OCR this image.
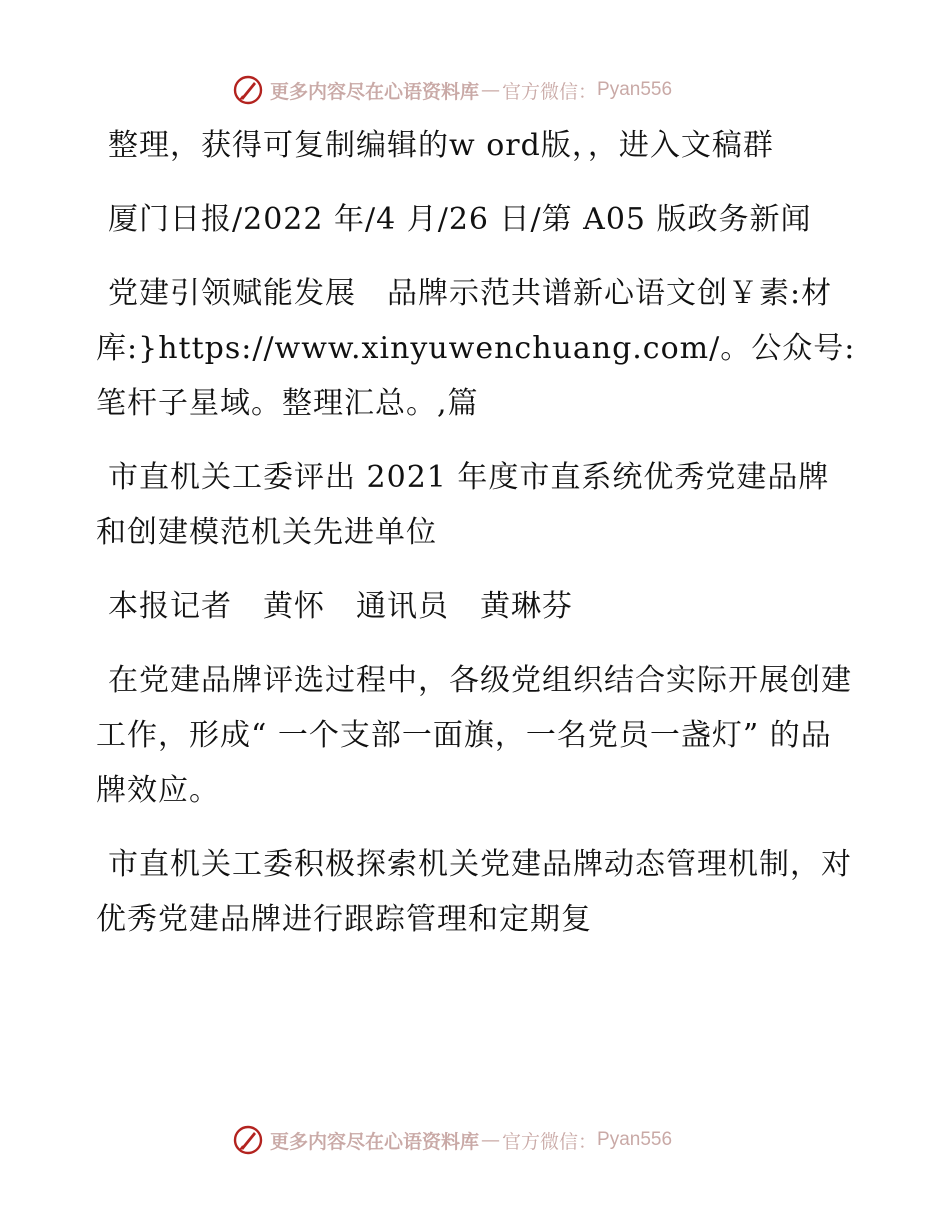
更多内容尽在心语资料库 — 官方微信： Pyan556

整理，获得可复制编辑的w ord版，，进入文稿群

厦门日报/2022 年/4 月/26 日/第 A05 版政务新闻

党建引领赋能发展　品牌示范共谱新心语文创￥素:材库:}https://www.xinyuwenchuang.com/。公众号:笔杆子星域。整理汇总。,篇

市直机关工委评出 2021 年度市直系统优秀党建品牌和创建模范机关先进单位

本报记者　黄怀　通讯员　黄琳芬

在党建品牌评选过程中，各级党组织结合实际开展创建工作，形成“ 一个支部一面旗，一名党员一盏灯” 的品牌效应。

市直机关工委积极探索机关党建品牌动态管理机制，对优秀党建品牌进行跟踪管理和定期复

更多内容尽在心语资料库 — 官方微信： Pyan556
